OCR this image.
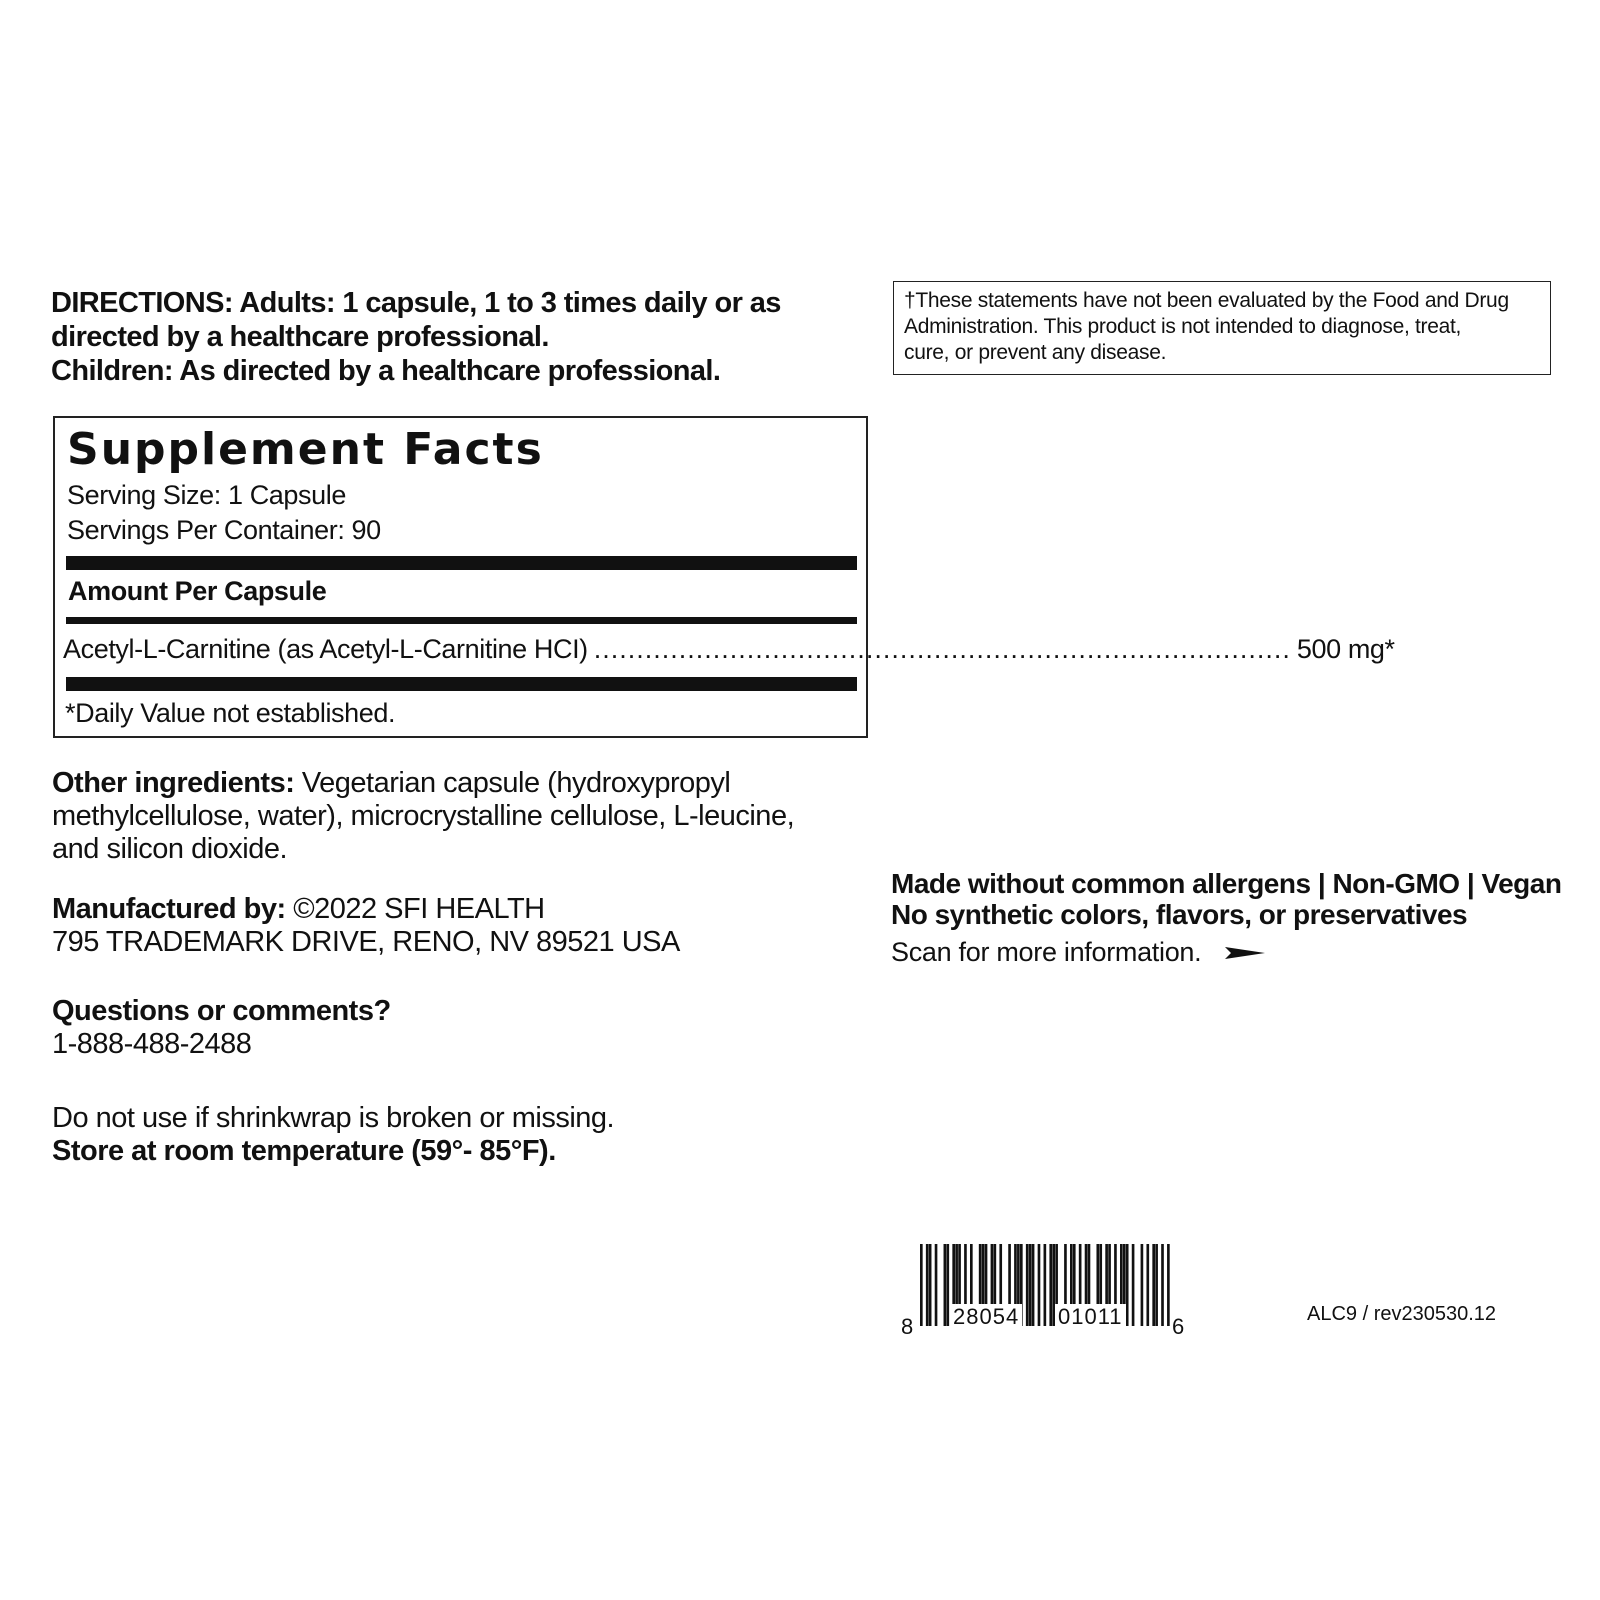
DIRECTIONS: Adults: 1 capsule, 1 to 3 times daily or as
directed by a healthcare professional.
Children: As directed by a healthcare professional.
†These statements have not been evaluated by the Food and Drug
Administration. This product is not intended to diagnose, treat,
cure, or prevent any disease.
Supplement Facts
Serving Size: 1 Capsule
Servings Per Container: 90
Amount Per Capsule
Acetyl-L-Carnitine (as Acetyl-L-Carnitine HCI) .................................................................................. 500 mg*
*Daily Value not established.
Other ingredients: Vegetarian capsule (hydroxypropyl
methylcellulose, water), microcrystalline cellulose, L-leucine,
and silicon dioxide.
Manufactured by: ©2022 SFI HEALTH
795 TRADEMARK DRIVE, RENO, NV 89521 USA
Questions or comments?
1-888-488-2488
Do not use if shrinkwrap is broken or missing.
Store at room temperature (59°- 85°F).
Made without common allergens | Non-GMO | Vegan
No synthetic colors, flavors, or preservatives
Scan for more information.
8 28054 01011 6	ALC9 / rev230530.12
